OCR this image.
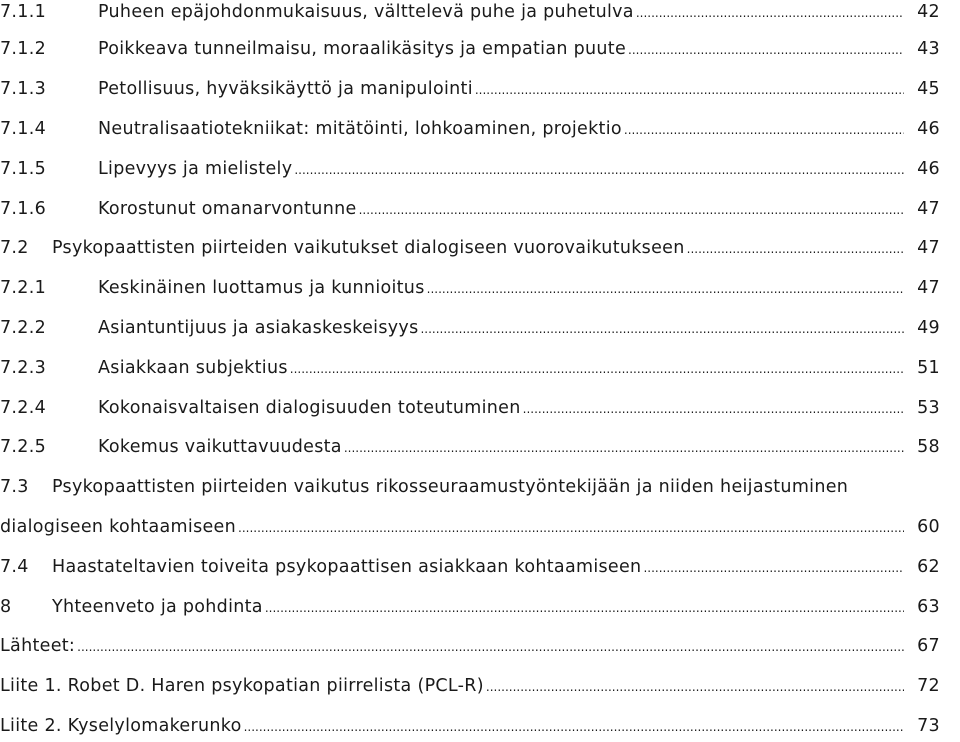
7.1.1	Puheen epäjohdonmukaisuus, välttelevä puhe ja puhetulva .....	42
7.1.2	Poikkeava tunneilmaisu, moraalikäsitys ja empatian puute .....	43
7.1.3	Petollisuus, hyväksikäyttö ja manipulointi .....	45
7.1.4	Neutralisaatiotekniikat: mitätöinti, lohkoaminen, projektio .....	46
7.1.5	Lipevyys ja mielistely .....	46
7.1.6	Korostunut omanarvontunne .....	47
7.2	Psykopaattisten piirteiden vaikutukset dialogiseen vuorovaikutukseen .....	47
7.2.1	Keskinäinen luottamus ja kunnioitus .....	47
7.2.2	Asiantuntijuus ja asiakaskeskeisyys .....	49
7.2.3	Asiakkaan subjektius .....	51
7.2.4	Kokonaisvaltaisen dialogisuuden toteutuminen .....	53
7.2.5	Kokemus vaikuttavuudesta .....	58
7.3 Psykopaattisten piirteiden vaikutus rikosseuraamustyöntekijään ja niiden heijastuminen
dialogiseen kohtaamiseen .....	60
7.4	Haastateltavien toiveita psykopaattisen asiakkaan kohtaamiseen .....	62
8	Yhteenveto ja pohdinta .....	63
Lähteet: .....	67
Liite 1. Robet D. Haren psykopatian piirrelista (PCL-R) .....	72
Liite 2. Kyselylomakerunko .....	73
